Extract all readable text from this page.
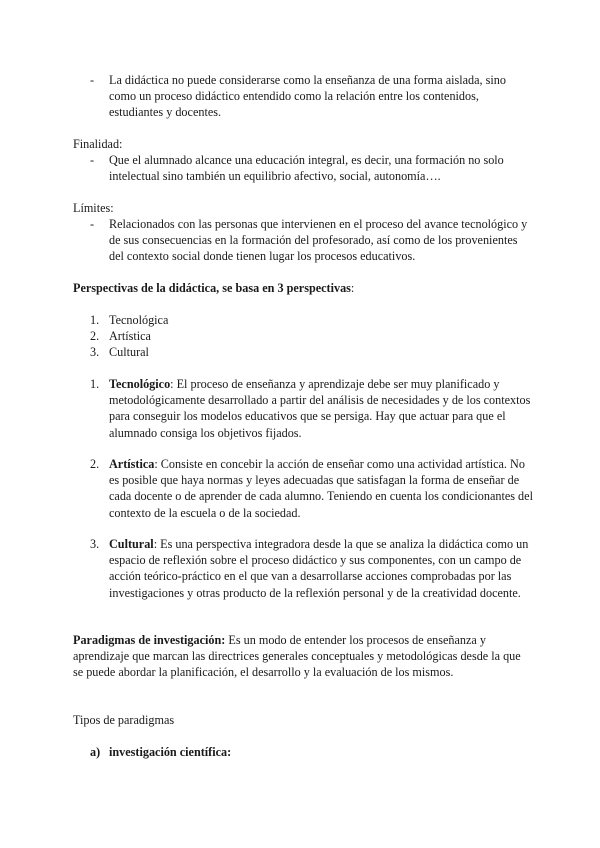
- La didáctica no puede considerarse como la enseñanza de una forma aislada, sino como un proceso didáctico entendido como la relación entre los contenidos, estudiantes y docentes.
Finalidad:
- Que el alumnado alcance una educación integral, es decir, una formación no solo intelectual sino también un equilibrio afectivo, social, autonomía….
Límites:
- Relacionados con las personas que intervienen en el proceso del avance tecnológico y de sus consecuencias en la formación del profesorado, así como de los provenientes del contexto social donde tienen lugar los procesos educativos.
Perspectivas de la didáctica, se basa en 3 perspectivas:
1. Tecnológica
2. Artística
3. Cultural
1. Tecnológico: El proceso de enseñanza y aprendizaje debe ser muy planificado y metodológicamente desarrollado a partir del análisis de necesidades y de los contextos para conseguir los modelos educativos que se persiga. Hay que actuar para que el alumnado consiga los objetivos fijados.
2. Artística: Consiste en concebir la acción de enseñar como una actividad artística. No es posible que haya normas y leyes adecuadas que satisfagan la forma de enseñar de cada docente o de aprender de cada alumno. Teniendo en cuenta los condicionantes del contexto de la escuela o de la sociedad.
3. Cultural: Es una perspectiva integradora desde la que se analiza la didáctica como un espacio de reflexión sobre el proceso didáctico y sus componentes, con un campo de acción teórico-práctico en el que van a desarrollarse acciones comprobadas por las investigaciones y otras producto de la reflexión personal y de la creatividad docente.
Paradigmas de investigación: Es un modo de entender los procesos de enseñanza y aprendizaje que marcan las directrices generales conceptuales y metodológicas desde la que se puede abordar la planificación, el desarrollo y la evaluación de los mismos.
Tipos de paradigmas
a) investigación científica:
